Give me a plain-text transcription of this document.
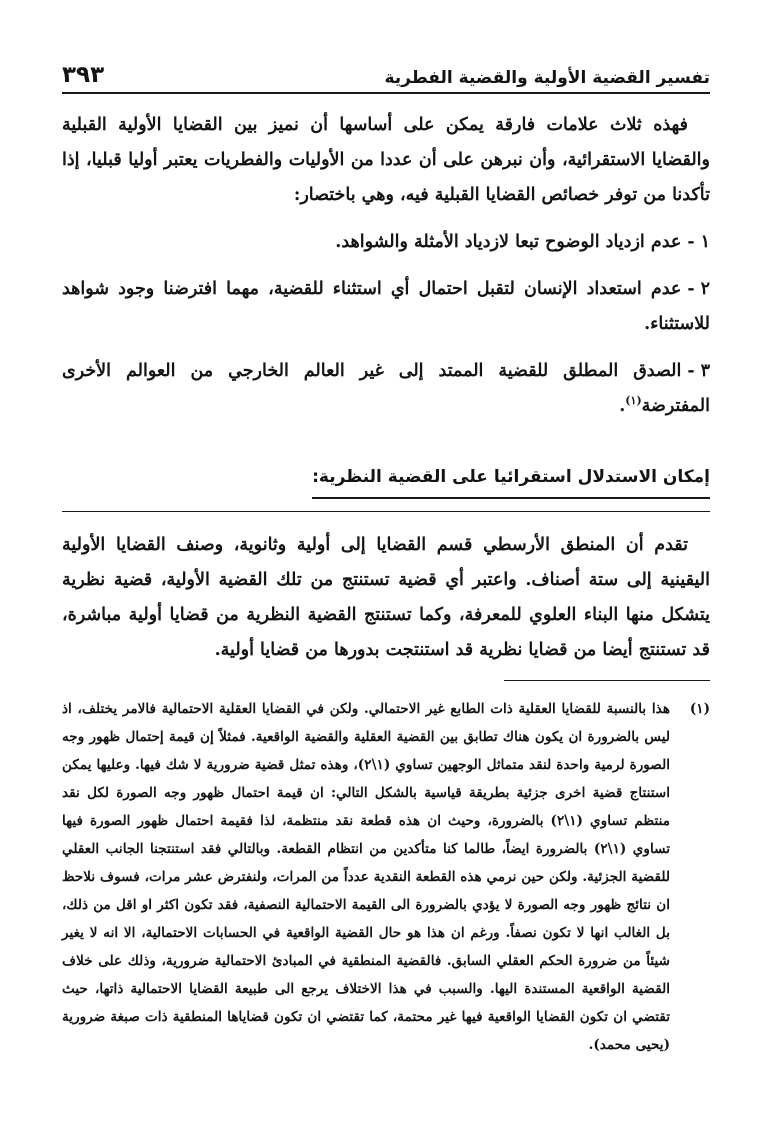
تفسير القضية الأولية والقضية الفطرية
٣٩٣

فهذه ثلاث علامات فارقة يمكن على أساسها أن نميز بين القضايا الأولية القبلية والقضايا الاستقرائية، وأن نبرهن على أن عددا من الأوليات والفطريات يعتبر أوليا قبليا، إذا تأكدنا من توفر خصائص القضايا القبلية فيه، وهي باختصار:

١-عدم ازدياد الوضوح تبعا لازدياد الأمثلة والشواهد.

٢-عدم استعداد الإنسان لتقبل احتمال أي استثناء للقضية، مهما افترضنا وجود شواهد للاستثناء.

٣-الصدق المطلق للقضية الممتد إلى غير العالم الخارجي من العوالم الأخرى المفترضة$^{(١)}$.

إمكان الاستدلال استقرائيا على القضية النظرية:

تقدم أن المنطق الأرسطي قسم القضايا إلى أولية وثانوية، وصنف القضايا الأولية اليقينية إلى ستة أصناف. واعتبر أي قضية تستنتج من تلك القضية الأولية، قضية نظرية يتشكل منها البناء العلوي للمعرفة، وكما تستنتج القضية النظرية من قضايا أولية مباشرة، قد تستنتج أيضا من قضايا نظرية قد استنتجت بدورها من قضايا أولية.

(١)
هذا بالنسبة للقضايا العقلية ذات الطابع غير الاحتمالي. ولكن في القضايا العقلية الاحتمالية فالامر يختلف، اذ ليس بالضرورة ان يكون هناك تطابق بين القضية العقلية والقضية الواقعية. فمثلاً إن قيمة إحتمال ظهور وجه الصورة لرمية واحدة لنقد متماثل الوجهين تساوي (١\٢)، وهذه تمثل قضية ضرورية لا شك فيها. وعليها يمكن استنتاج قضية اخرى جزئية بطريقة قياسية بالشكل التالي: ان قيمة احتمال ظهور وجه الصورة لكل نقد منتظم تساوي (١\٢) بالضرورة، وحيث ان هذه قطعة نقد منتظمة، لذا فقيمة احتمال ظهور الصورة فيها تساوي (١\٢) بالضرورة ايضاً، طالما كنا متأكدين من انتظام القطعة. وبالتالي فقد استنتجنا الجانب العقلي للقضية الجزئية. ولكن حين نرمي هذه القطعة النقدية عدداً من المرات، ولنفترض عشر مرات، فسوف نلاحظ ان نتائج ظهور وجه الصورة لا يؤدي بالضرورة الى القيمة الاحتمالية النصفية، فقد تكون اكثر او اقل من ذلك، بل الغالب انها لا تكون نصفاً. ورغم ان هذا هو حال القضية الواقعية في الحسابات الاحتمالية، الا انه لا يغير شيئاً من ضرورة الحكم العقلي السابق. فالقضية المنطقية في المبادئ الاحتمالية ضرورية، وذلك على خلاف القضية الواقعية المستندة اليها. والسبب في هذا الاختلاف يرجع الى طبيعة القضايا الاحتمالية ذاتها، حيث تقتضي ان تكون القضايا الواقعية فيها غير محتمة، كما تقتضي ان تكون قضاياها المنطقية ذات صبغة ضرورية (يحيى محمد).
